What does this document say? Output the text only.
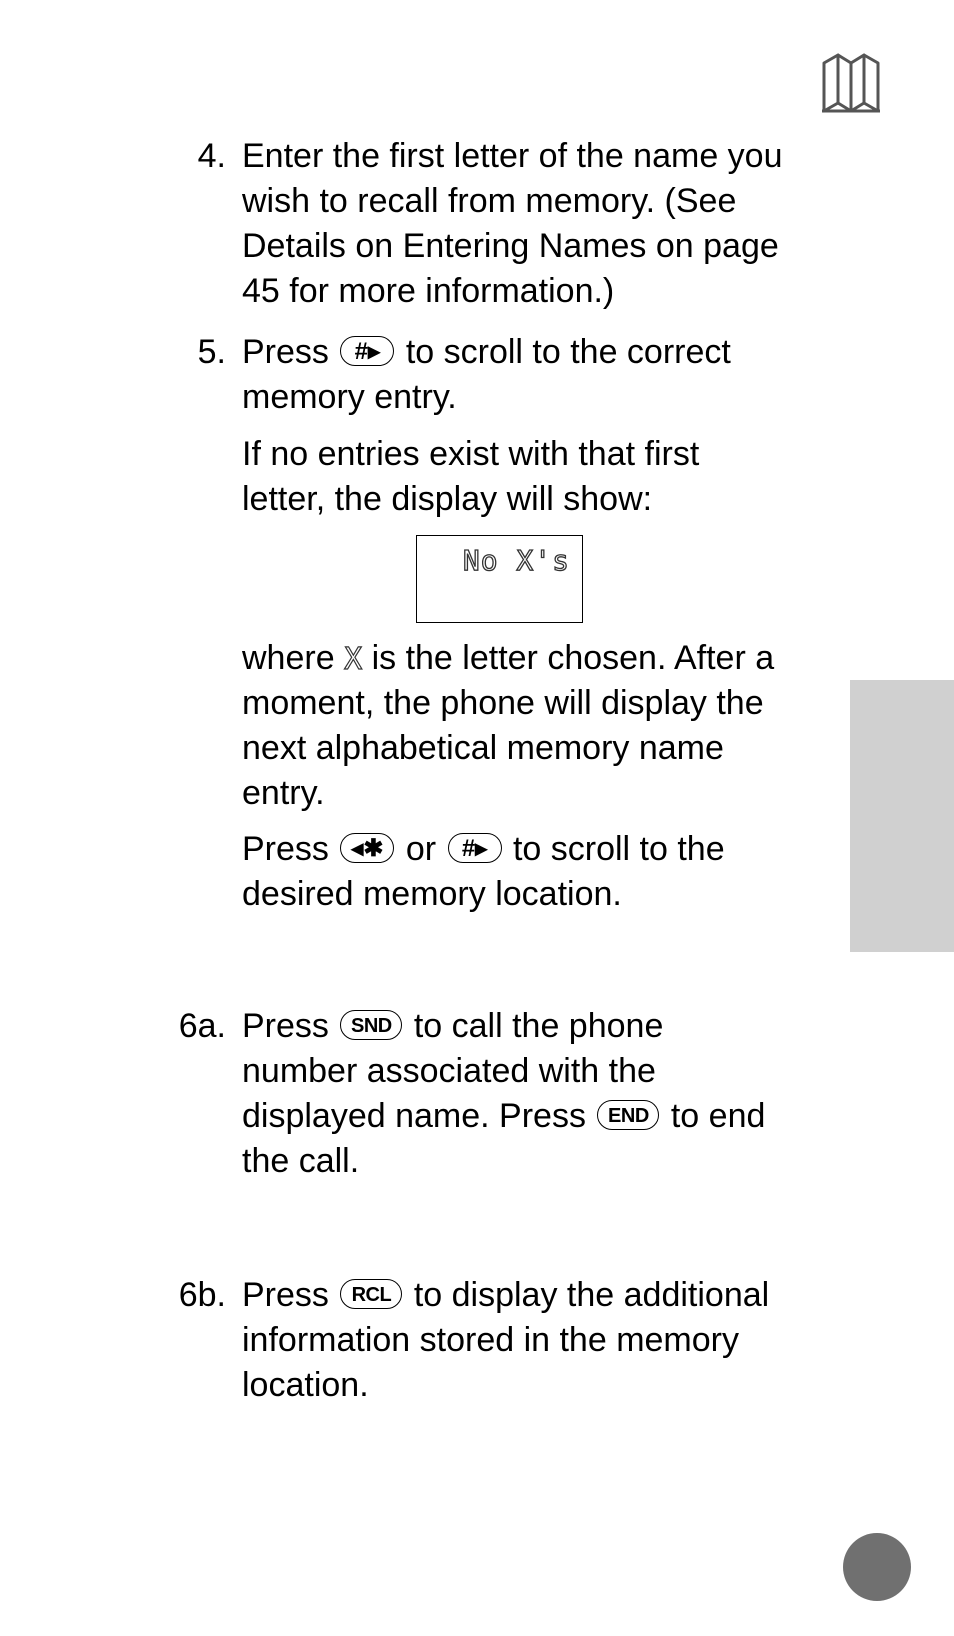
4. Enter the first letter of the name you
wish to recall from memory. (See
Details on Entering Names on page
45 for more information.)
5. Press #▸ to scroll to the correct
memory entry.
If no entries exist with that first
letter, the display will show:
No X's
where X is the letter chosen. After a
moment, the phone will display the
next alphabetical memory name
entry.
Press ◂✱ or #▸ to scroll to the
desired memory location.
6a. Press SND to call the phone
number associated with the
displayed name. Press END to end
the call.
6b. Press RCL to display the additional
information stored in the memory
location.
